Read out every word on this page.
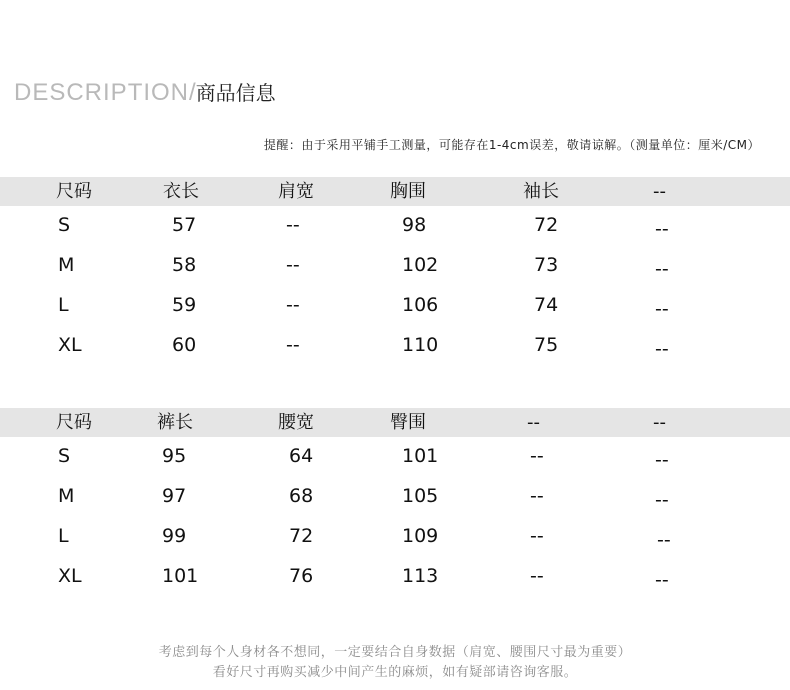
DESCRIPTION/商品信息
提醒：由于采用平铺手工测量，可能存在1-4cm误差，敬请谅解。（测量单位：厘米/CM）
尺码	衣长	肩宽	胸围	袖长	--
S	57	--	98	72	--
M	58	--	102	73	--
L	59	--	106	74	--
XL	60	--	110	75	--
尺码	裤长	腰宽	臀围	--	--
S	95	64	101	--	--
M	97	68	105	--	--
L	99	72	109	--	--
XL	101	76	113	--	--
考虑到每个人身材各不想同，一定要结合自身数据（肩宽、腰围尺寸最为重要）
看好尺寸再购买减少中间产生的麻烦，如有疑部请咨询客服。
